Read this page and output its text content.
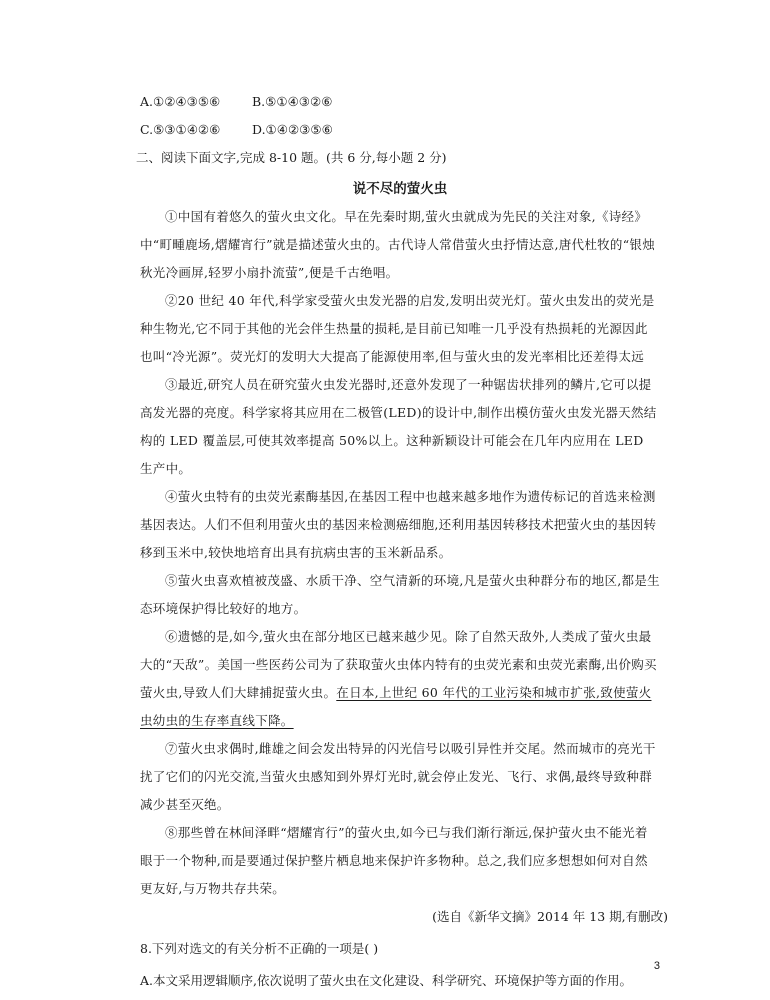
A.①②④③⑤⑥	B.⑤①④③②⑥
C.⑤③①④②⑥	D.①④②③⑤⑥
二、阅读下面文字,完成 8-10 题。(共 6 分,每小题 2 分)
说不尽的萤火虫

①中国有着悠久的萤火虫文化。早在先秦时期,萤火虫就成为先民的关注对象,《诗经》中“町畽鹿场,熠耀宵行”就是描述萤火虫的。古代诗人常借萤火虫抒情达意,唐代杜牧的“银烛秋光冷画屏,轻罗小扇扑流萤”,便是千古绝唱。

②20 世纪 40 年代,科学家受萤火虫发光器的启发,发明出荧光灯。萤火虫发出的荧光是种生物光,它不同于其他的光会伴生热量的损耗,是目前已知唯一几乎没有热损耗的光源因此也叫“冷光源”。荧光灯的发明大大提高了能源使用率,但与萤火虫的发光率相比还差得太远

③最近,研究人员在研究萤火虫发光器时,还意外发现了一种锯齿状排列的鳞片,它可以提高发光器的亮度。科学家将其应用在二极管(LED)的设计中,制作出模仿萤火虫发光器天然结构的 LED 覆盖层,可使其效率提高 50%以上。这种新颖设计可能会在几年内应用在 LED 生产中。

④萤火虫特有的虫荧光素酶基因,在基因工程中也越来越多地作为遗传标记的首选来检测基因表达。人们不但利用萤火虫的基因来检测癌细胞,还利用基因转移技术把萤火虫的基因转移到玉米中,较快地培育出具有抗病虫害的玉米新品系。

⑤萤火虫喜欢植被茂盛、水质干净、空气清新的环境,凡是萤火虫种群分布的地区,都是生态环境保护得比较好的地方。

⑥遗憾的是,如今,萤火虫在部分地区已越来越少见。除了自然天敌外,人类成了萤火虫最大的“天敌”。美国一些医药公司为了获取萤火虫体内特有的虫荧光素和虫荧光素酶,出价购买萤火虫,导致人们大肆捕捉萤火虫。在日本,上世纪 60 年代的工业污染和城市扩张,致使萤火虫幼虫的生存率直线下降。

⑦萤火虫求偶时,雌雄之间会发出特异的闪光信号以吸引异性并交尾。然而城市的亮光干扰了它们的闪光交流,当萤火虫感知到外界灯光时,就会停止发光、飞行、求偶,最终导致种群减少甚至灭绝。

⑧那些曾在林间泽畔“熠耀宵行”的萤火虫,如今已与我们渐行渐远,保护萤火虫不能光着眼于一个物种,而是要通过保护整片栖息地来保护许多物种。总之,我们应多想想如何对自然更友好,与万物共存共荣。

(选自《新华文摘》2014 年 13 期,有删改)
8.下列对选文的有关分析不正确的一项是( )
A.本文采用逻辑顺序,依次说明了萤火虫在文化建设、科学研究、环境保护等方面的作用。
3
